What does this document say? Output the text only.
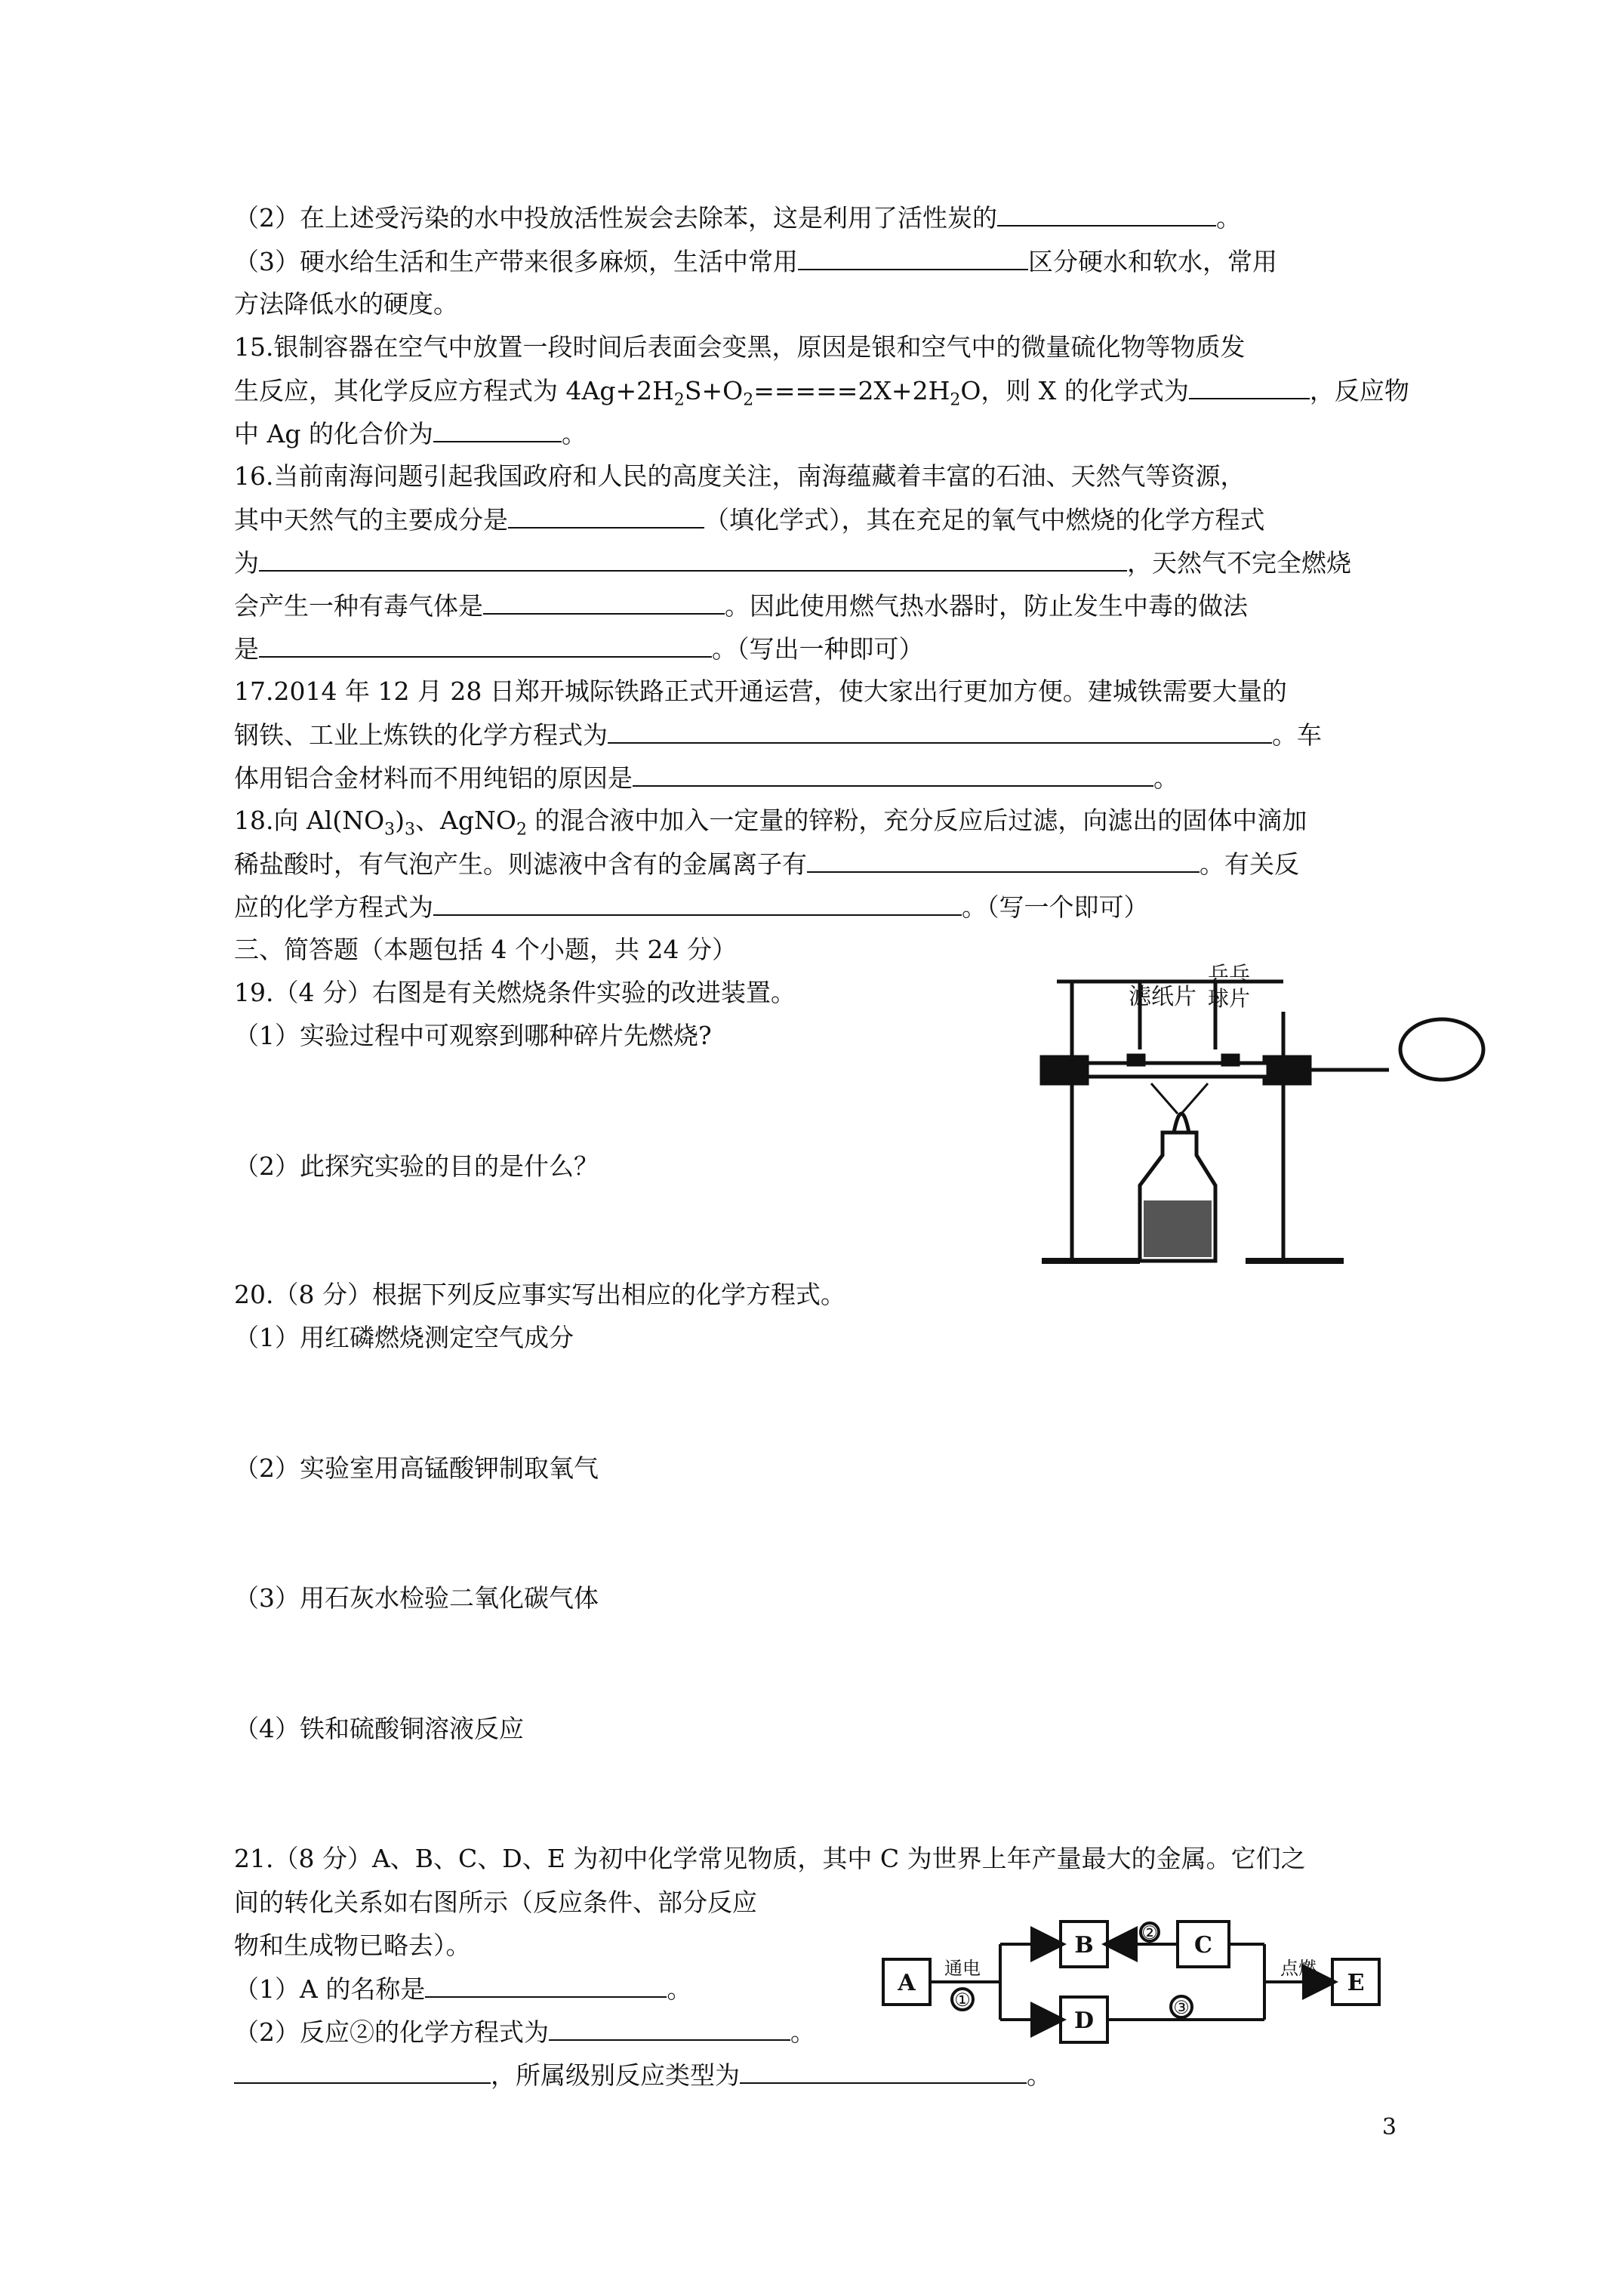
（2）在上述受污染的水中投放活性炭会去除苯，这是利用了活性炭的	。
（3）硬水给生活和生产带来很多麻烦，生活中常用	区分硬水和软水，常用
方法降低水的硬度。
15.银制容器在空气中放置一段时间后表面会变黑，原因是银和空气中的微量硫化物等物质发
生反应，其化学反应方程式为 $4Ag+2H_2S+O_2=====2X+2H_2O$，则 X 的化学式为	，反应物
中 Ag 的化合价为	。
16.当前南海问题引起我国政府和人民的高度关注，南海蕴藏着丰富的石油、天然气等资源，
其中天然气的主要成分是	（填化学式），其在充足的氧气中燃烧的化学方程式
为	，天然气不完全燃烧
会产生一种有毒气体是	。因此使用燃气热水器时，防止发生中毒的做法
是	。（写出一种即可）
17.2014 年 12 月 28 日郑开城际铁路正式开通运营，使大家出行更加方便。建城铁需要大量的
钢铁、工业上炼铁的化学方程式为	。车
体用铝合金材料而不用纯铝的原因是	。
18.向 $Al(NO_3)_3$、AgNO$_2$ 的混合液中加入一定量的锌粉，充分反应后过滤，向滤出的固体中滴加
稀盐酸时，有气泡产生。则滤液中含有的金属离子有	。有关反
应的化学方程式为	。（写一个即可）
三、简答题（本题包括 4 个小题，共 24 分）
19.（4 分）右图是有关燃烧条件实验的改进装置。
（1）实验过程中可观察到哪种碎片先燃烧?
（2）此探究实验的目的是什么？
滤纸片
乒乓
球片
20.（8 分）根据下列反应事实写出相应的化学方程式。
（1）用红磷燃烧测定空气成分
（2）实验室用高锰酸钾制取氧气
（3）用石灰水检验二氧化碳气体
（4）铁和硫酸铜溶液反应
21.（8 分）A、B、C、D、E 为初中化学常见物质，其中 C 为世界上年产量最大的金属。它们之
间的转化关系如右图所示（反应条件、部分反应
物和生成物已略去）。
（1）A 的名称是	。
（2）反应②的化学方程式为	。
，所属级别反应类型为	。
A
B	C
D
E
通电
①
②
③
点燃
3
